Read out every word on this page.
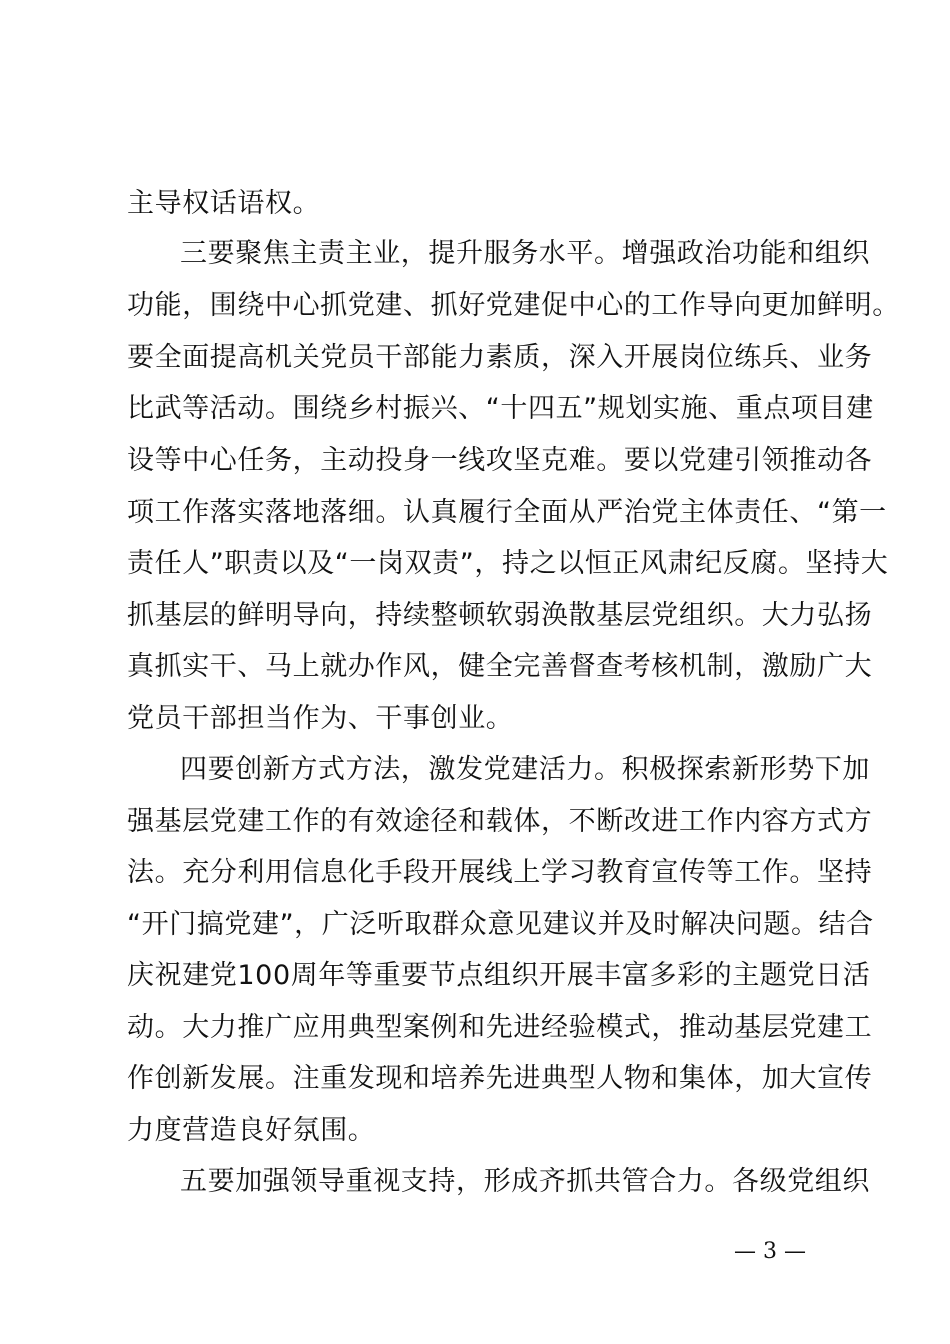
主导权话语权。
三要聚焦主责主业，提升服务水平。增强政治功能和组织
功能，围绕中心抓党建、抓好党建促中心的工作导向更加鲜明。
要全面提高机关党员干部能力素质，深入开展岗位练兵、业务
比武等活动。围绕乡村振兴、“十四五”规划实施、重点项目建
设等中心任务，主动投身一线攻坚克难。要以党建引领推动各
项工作落实落地落细。认真履行全面从严治党主体责任、“第一
责任人”职责以及“一岗双责”，持之以恒正风肃纪反腐。坚持大
抓基层的鲜明导向，持续整顿软弱涣散基层党组织。大力弘扬
真抓实干、马上就办作风，健全完善督查考核机制，激励广大
党员干部担当作为、干事创业。
四要创新方式方法，激发党建活力。积极探索新形势下加
强基层党建工作的有效途径和载体，不断改进工作内容方式方
法。充分利用信息化手段开展线上学习教育宣传等工作。坚持
“开门搞党建”，广泛听取群众意见建议并及时解决问题。结合
庆祝建党100周年等重要节点组织开展丰富多彩的主题党日活
动。大力推广应用典型案例和先进经验模式，推动基层党建工
作创新发展。注重发现和培养先进典型人物和集体，加大宣传
力度营造良好氛围。
五要加强领导重视支持，形成齐抓共管合力。各级党组织
— 3 —
